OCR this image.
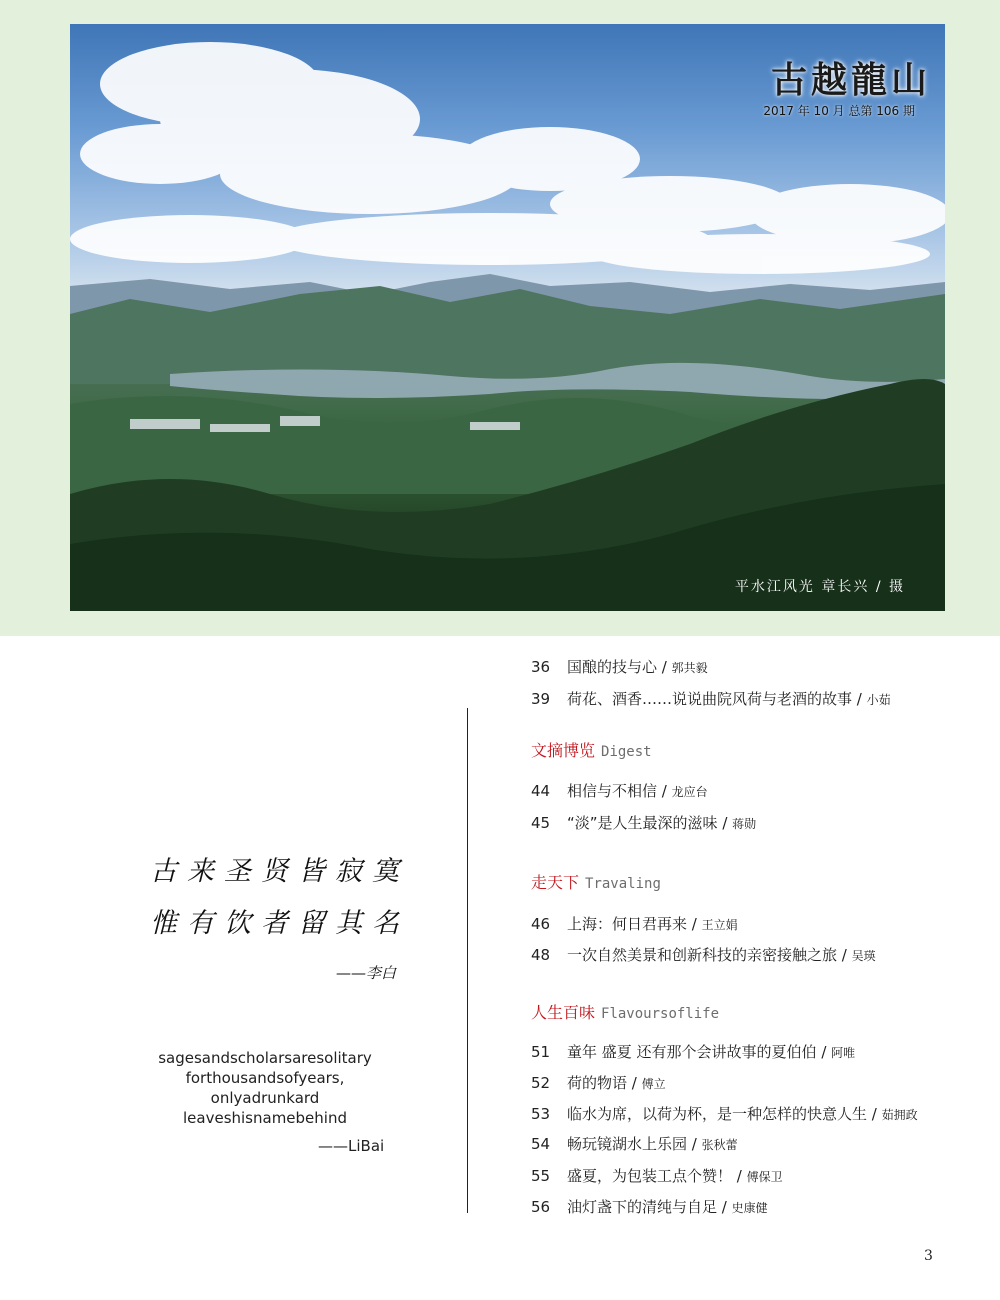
古越龍山
2017 年 10 月 总第 106 期
平水江风光 章长兴 / 摄
古来圣贤皆寂寞
惟有饮者留其名
——李白
sagesandscholarsaresolitary
forthousandsofyears,
onlyadrunkard
leaveshisnamebehind
——LiBai
36 国酿的技与心 / 郭共毅
39 荷花、酒香……说说曲院风荷与老酒的故事 / 小茹
文摘博览 Digest
44 相信与不相信 / 龙应台
45 “淡”是人生最深的滋味 / 蒋勋
走天下 Travaling
46 上海：何日君再来 / 王立娟
48 一次自然美景和创新科技的亲密接触之旅 / 吴瑛
人生百味 Flavoursoflife
51 童年 盛夏 还有那个会讲故事的夏伯伯 / 阿唯
52 荷的物语 / 傅立
53 临水为席，以荷为杯，是一种怎样的快意人生 / 茹拥政
54 畅玩镜湖水上乐园 / 张秋蕾
55 盛夏，为包装工点个赞！ / 傅保卫
56 油灯盏下的清纯与自足 / 史康健
3
